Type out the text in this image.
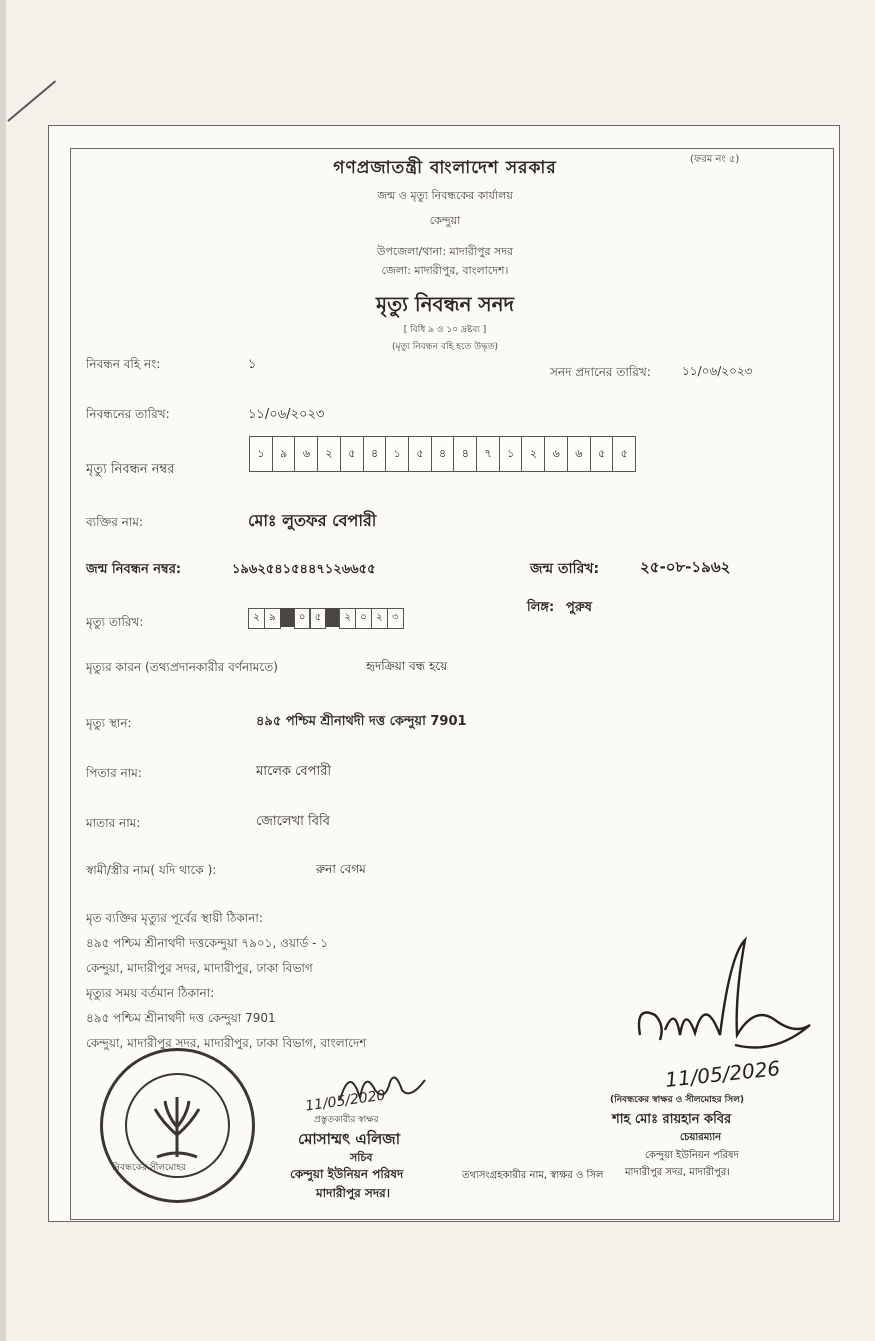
গণপ্রজাতন্ত্রী বাংলাদেশ সরকার	(ফরম নং ৫)
জন্ম ও মৃত্যু নিবন্ধকের কার্যালয়
কেন্দুয়া
উপজেলা/থানা: মাদারীপুর সদর
জেলা: মাদারীপুর, বাংলাদেশ।
মৃত্যু নিবন্ধন সনদ
[ বিধি ৯ ও ১০ দ্রষ্টব্য ]
(মৃত্যু নিবন্ধন বহি হতে উদ্ধৃত)
নিবন্ধন বহি নং:	১	সনদ প্রদানের তারিখ:	১১/০৬/২০২৩
নিবন্ধনের তারিখ:	১১/০৬/২০২৩
মৃত্যু নিবন্ধন নম্বর
১	৯	৬	২	৫	৪	১	৫	৪	৪	৭	১	২	৬	৬	৫	৫
ব্যক্তির নাম:	মোঃ লুতফর বেপারী
জন্ম নিবন্ধন নম্বর:	১৯৬২৫৪১৫৪৪৭১২৬৬৫৫	জন্ম তারিখ:	২৫-০৮-১৯৬২
মৃত্যু তারিখ:	২ ৯	০ ৫	২ ০ ২ ৩
লিঙ্গ: পুরুষ
মৃত্যুর কারন (তথ্যপ্রদানকারীর বর্ণনামতে)	হৃদক্রিয়া বন্ধ হয়ে
মৃত্যু স্থান:	৪৯৫ পশ্চিম শ্রীনাথদী দত্ত কেন্দুয়া 7901
পিতার নাম:	মালেক বেপারী
মাতার নাম:	জোলেখা বিবি
স্বামী/স্ত্রীর নাম( যদি থাকে ):	রুনা বেগম
মৃত ব্যক্তির মৃত্যুর পূর্বের স্থায়ী ঠিকানা:
৪৯৫ পশ্চিম শ্রীনাথদী দত্তকেন্দুয়া ৭৯০১, ওয়ার্ড - ১
কেন্দুয়া, মাদারীপুর সদর, মাদারীপুর, ঢাকা বিভাগ
মৃত্যুর সময় বর্তমান ঠিকানা:
৪৯৫ পশ্চিম শ্রীনাথদী দত্ত কেন্দুয়া 7901
কেন্দুয়া, মাদারীপুর সদর, মাদারীপুর, ঢাকা বিভাগ, বাংলাদেশ
নিবন্ধকের সীলমোহর
11/05/2020
প্রস্তুতকারীর স্বাক্ষর
মোসাম্মৎ এলিজা
সচিব
কেন্দুয়া ইউনিয়ন পরিষদ
মাদারীপুর সদর।
তথ্যসংগ্রহকারীর নাম, স্বাক্ষর ও সিল
11/05/2026
(নিবন্ধকের স্বাক্ষর ও সীলমোহর সিল)
শাহ মোঃ রায়হান কবির
চেয়ারম্যান
কেন্দুয়া ইউনিয়ন পরিষদ
মাদারীপুর সদর, মাদারীপুর।
